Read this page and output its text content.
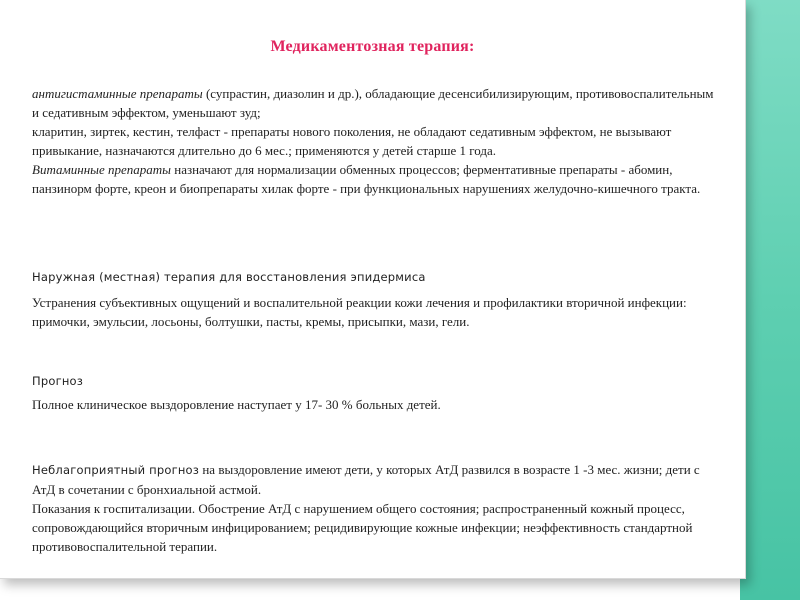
Медикаментозная терапия:

антигистаминные препараты (супрастин, диазолин и др.), обладающие десенсибилизирующим, противовоспалительным и седативным эффектом, уменьшают зуд;

кларитин, зиртек, кестин, телфаст - препараты нового поколения, не обладают седативным эффектом, не вызывают привыкание, назначаются длительно до 6 мес.; применяются у детей старше 1 года.

Витаминные препараты назначают для нормализации обменных процессов; ферментативные препараты - абомин, панзинорм форте, креон и биопрепараты хилак форте - при функциональных нарушениях желудочно-кишечного тракта.

Наружная (местная) терапия для восстановления эпидермиса

Устранения субъективных ощущений и воспалительной реакции кожи лечения и профилактики вторичной инфекции: примочки, эмульсии, лосьоны, болтушки, пасты, кремы, присыпки, мази, гели.

Прогноз

Полное клиническое выздоровление наступает у 17- 30 % больных детей.

Неблагоприятный прогноз на выздоровление имеют дети, у которых АтД развился в возрасте 1 -3 мес. жизни; дети с АтД в сочетании с бронхиальной астмой.

Показания к госпитализации. Обострение АтД с нарушением общего состояния; распространенный кожный процесс, сопровождающийся вторичным инфицированием; рецидивирующие кожные инфекции; неэффективность стандартной противовоспалительной терапии.
